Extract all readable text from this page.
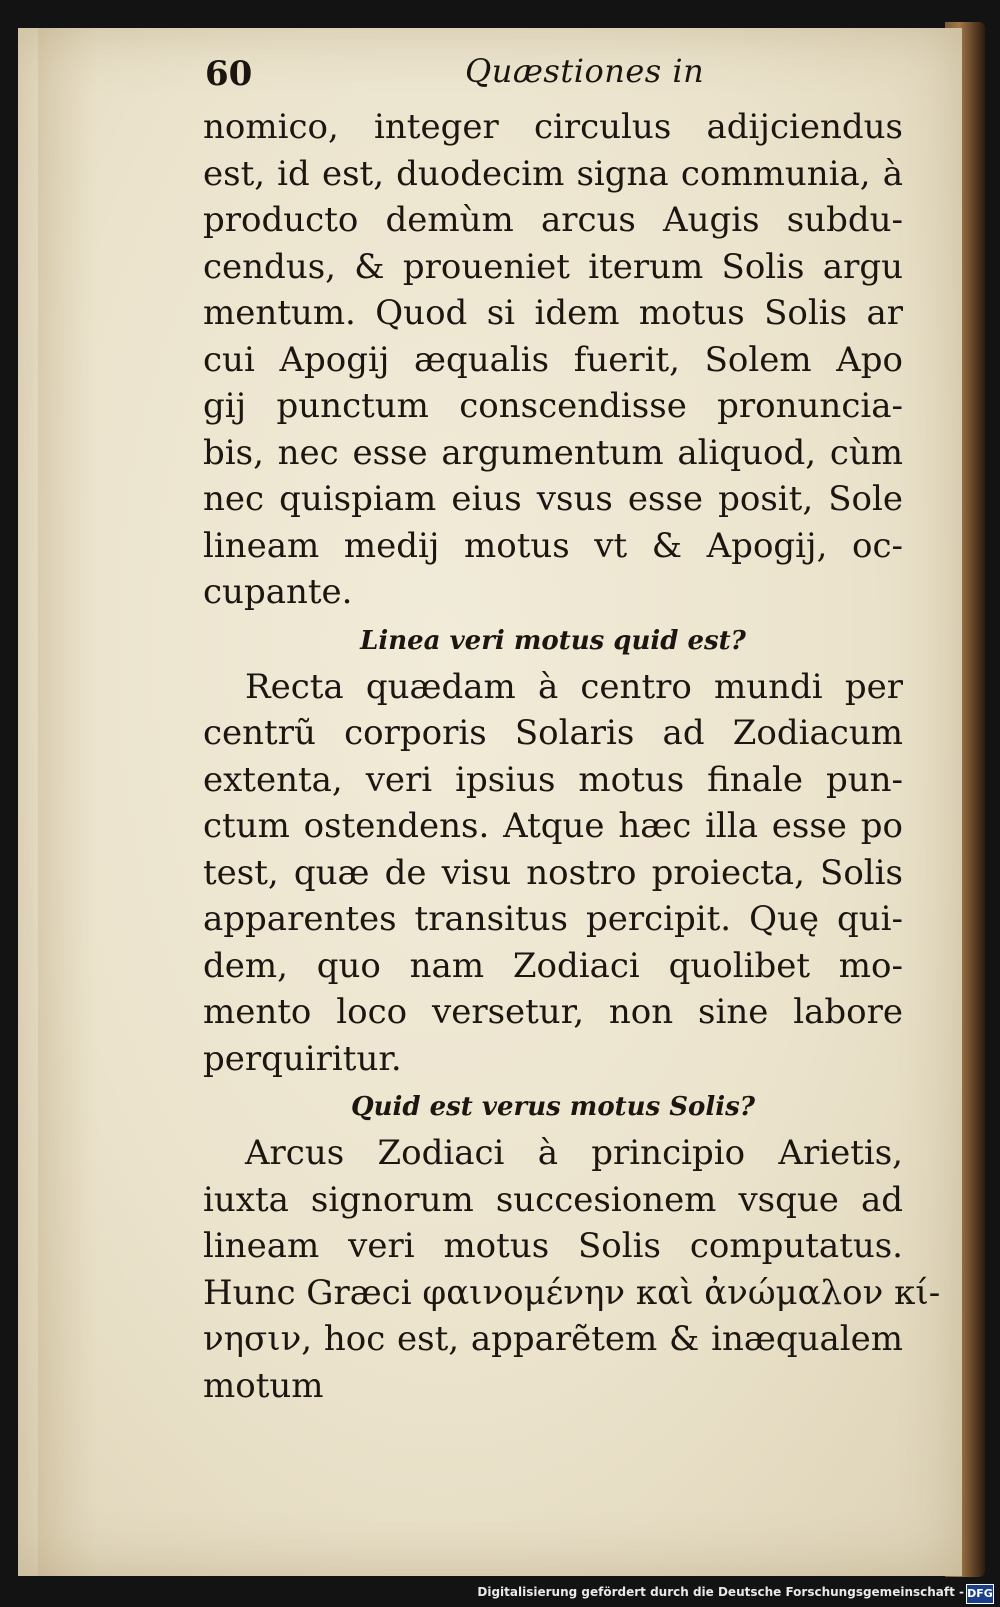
60	Quæstiones in
nomico, integer circulus adijciendus
est, id est, duodecim signa communia, à
producto demùm arcus Augis subdu-
cendus, & proueniet iterum Solis argu
mentum. Quod si idem motus Solis ar
cui Apogij æqualis fuerit, Solem Apo
gij punctum conscendisse pronuncia-
bis, nec esse argumentum aliquod, cùm
nec quispiam eius vsus esse posit, Sole
lineam medij motus vt & Apogij, oc-
cupante.
Linea veri motus quid est?
Recta quædam à centro mundi per
centrũ corporis Solaris ad Zodiacum
extenta, veri ipsius motus finale pun-
ctum ostendens. Atque hæc illa esse po
test, quæ de visu nostro proiecta, Solis
apparentes transitus percipit. Quę qui-
dem, quo nam Zodiaci quolibet mo-
mento loco versetur, non sine labore
perquiritur.
Quid est verus motus Solis?
Arcus Zodiaci à principio Arietis,
iuxta signorum succesionem vsque ad
lineam veri motus Solis computatus.
Hunc Græci φαινομένην καὶ ἀνώμαλον κί-
νησιν, hoc est, apparẽtem & inæqualem
motum
Digitalisierung gefördert durch die Deutsche Forschungsgemeinschaft - DFG
